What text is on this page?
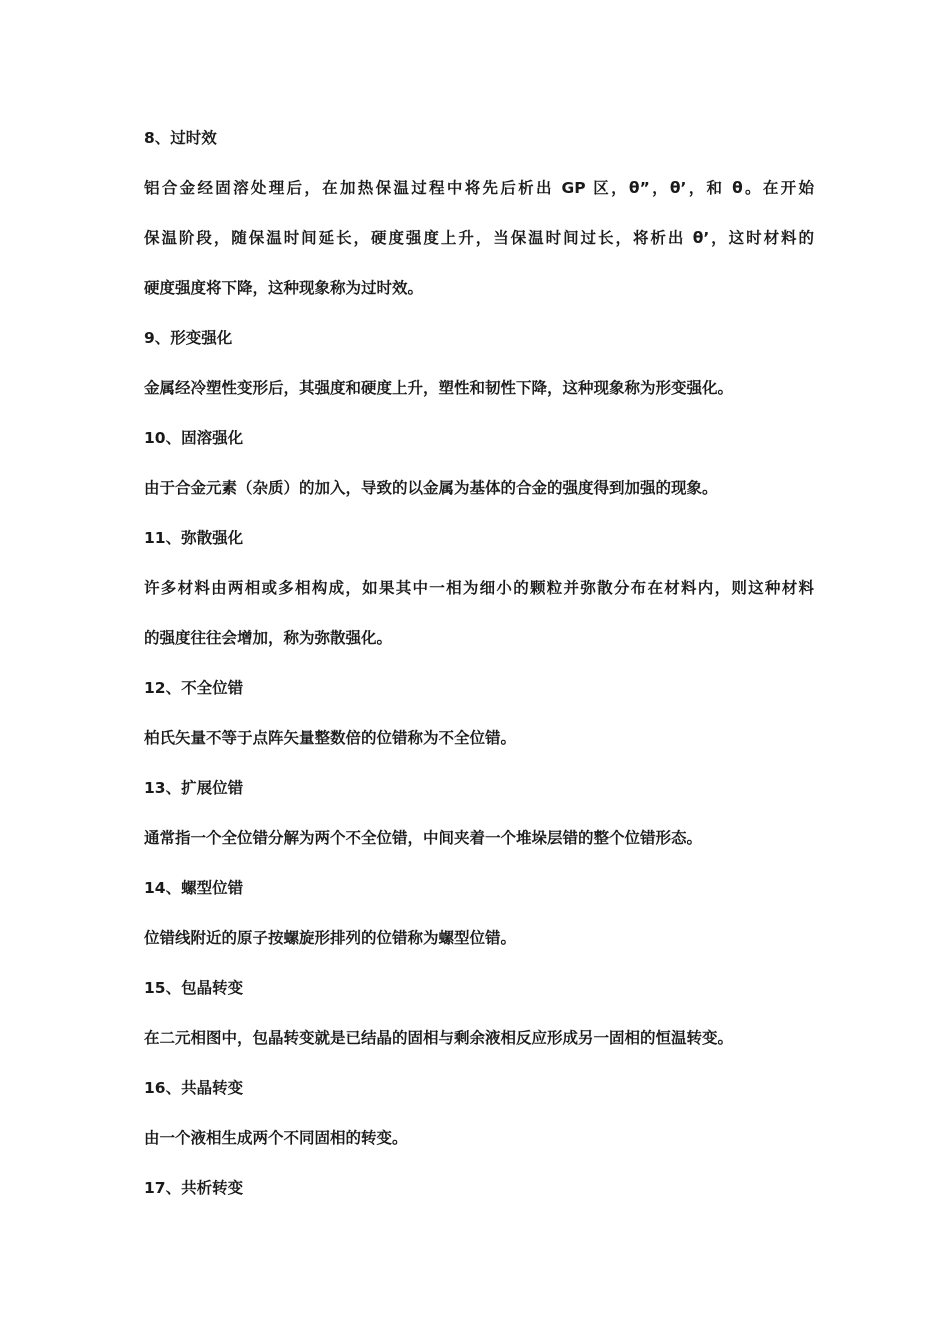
8、过时效
铝合金经固溶处理后，在加热保温过程中将先后析出 GP 区，θ”，θ’，和 θ。在开始
保温阶段，随保温时间延长，硬度强度上升，当保温时间过长，将析出 θ’，这时材料的
硬度强度将下降，这种现象称为过时效。
9、形变强化
金属经冷塑性变形后，其强度和硬度上升，塑性和韧性下降，这种现象称为形变强化。
10、固溶强化
由于合金元素（杂质）的加入，导致的以金属为基体的合金的强度得到加强的现象。
11、弥散强化
许多材料由两相或多相构成，如果其中一相为细小的颗粒并弥散分布在材料内，则这种材料
的强度往往会增加，称为弥散强化。
12、不全位错
柏氏矢量不等于点阵矢量整数倍的位错称为不全位错。
13、扩展位错
通常指一个全位错分解为两个不全位错，中间夹着一个堆垛层错的整个位错形态。
14、螺型位错
位错线附近的原子按螺旋形排列的位错称为螺型位错。
15、包晶转变
在二元相图中，包晶转变就是已结晶的固相与剩余液相反应形成另一固相的恒温转变。
16、共晶转变
由一个液相生成两个不同固相的转变。
17、共析转变
